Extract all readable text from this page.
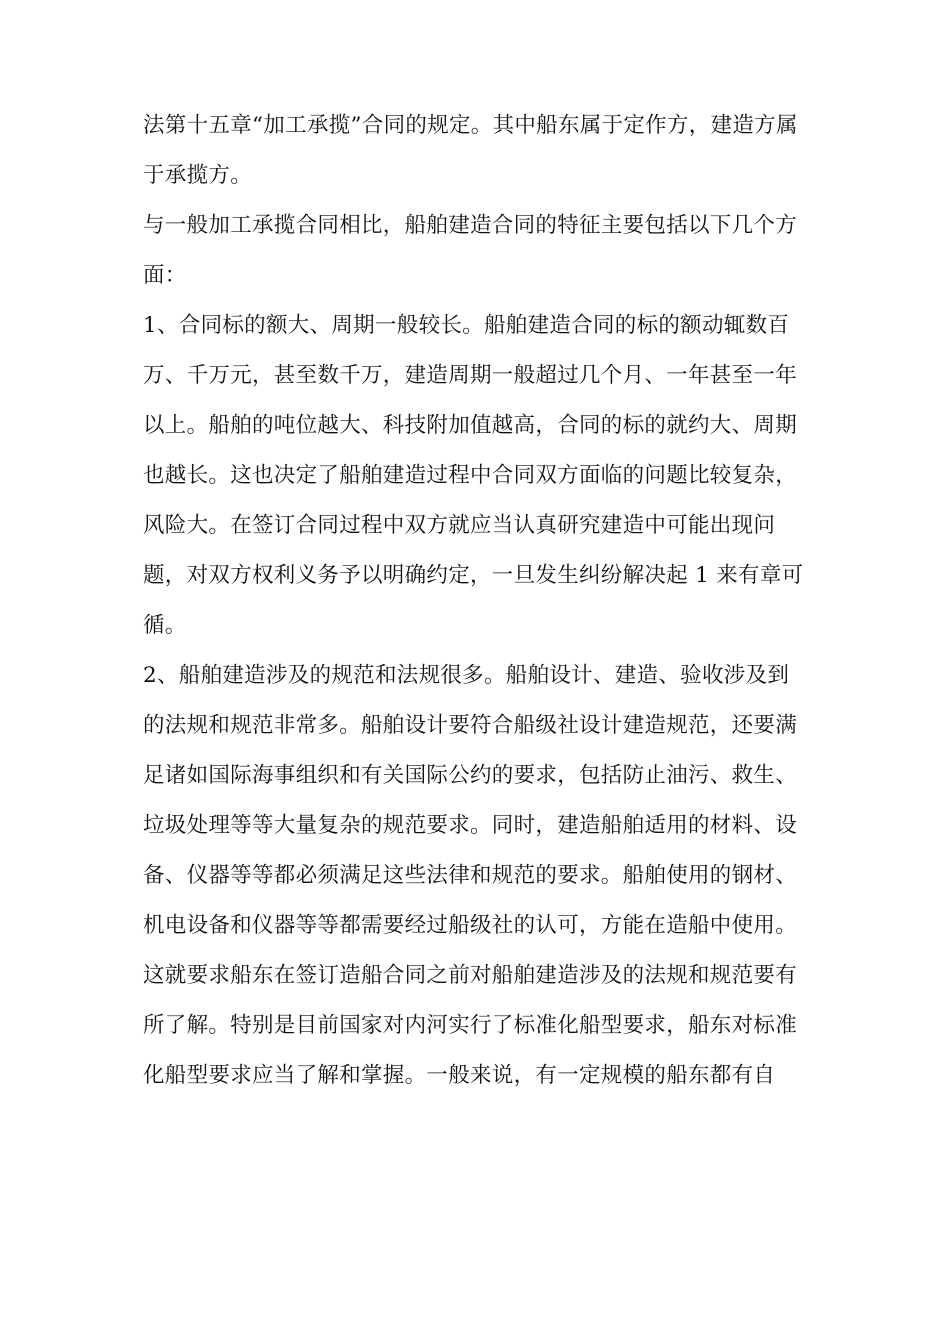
法第十五章“加工承揽”合同的规定。其中船东属于定作方，建造方属
于承揽方。
与一般加工承揽合同相比，船舶建造合同的特征主要包括以下几个方
面：
1、合同标的额大、周期一般较长。船舶建造合同的标的额动辄数百
万、千万元，甚至数千万，建造周期一般超过几个月、一年甚至一年
以上。船舶的吨位越大、科技附加值越高，合同的标的就约大、周期
也越长。这也决定了船舶建造过程中合同双方面临的问题比较复杂，
风险大。在签订合同过程中双方就应当认真研究建造中可能出现问
题，对双方权利义务予以明确约定，一旦发生纠纷解决起 1 来有章可
循。
2、船舶建造涉及的规范和法规很多。船舶设计、建造、验收涉及到
的法规和规范非常多。船舶设计要符合船级社设计建造规范，还要满
足诸如国际海事组织和有关国际公约的要求，包括防止油污、救生、
垃圾处理等等大量复杂的规范要求。同时，建造船舶适用的材料、设
备、仪器等等都必须满足这些法律和规范的要求。船舶使用的钢材、
机电设备和仪器等等都需要经过船级社的认可，方能在造船中使用。
这就要求船东在签订造船合同之前对船舶建造涉及的法规和规范要有
所了解。特别是目前国家对内河实行了标准化船型要求，船东对标准
化船型要求应当了解和掌握。一般来说，有一定规模的船东都有自
